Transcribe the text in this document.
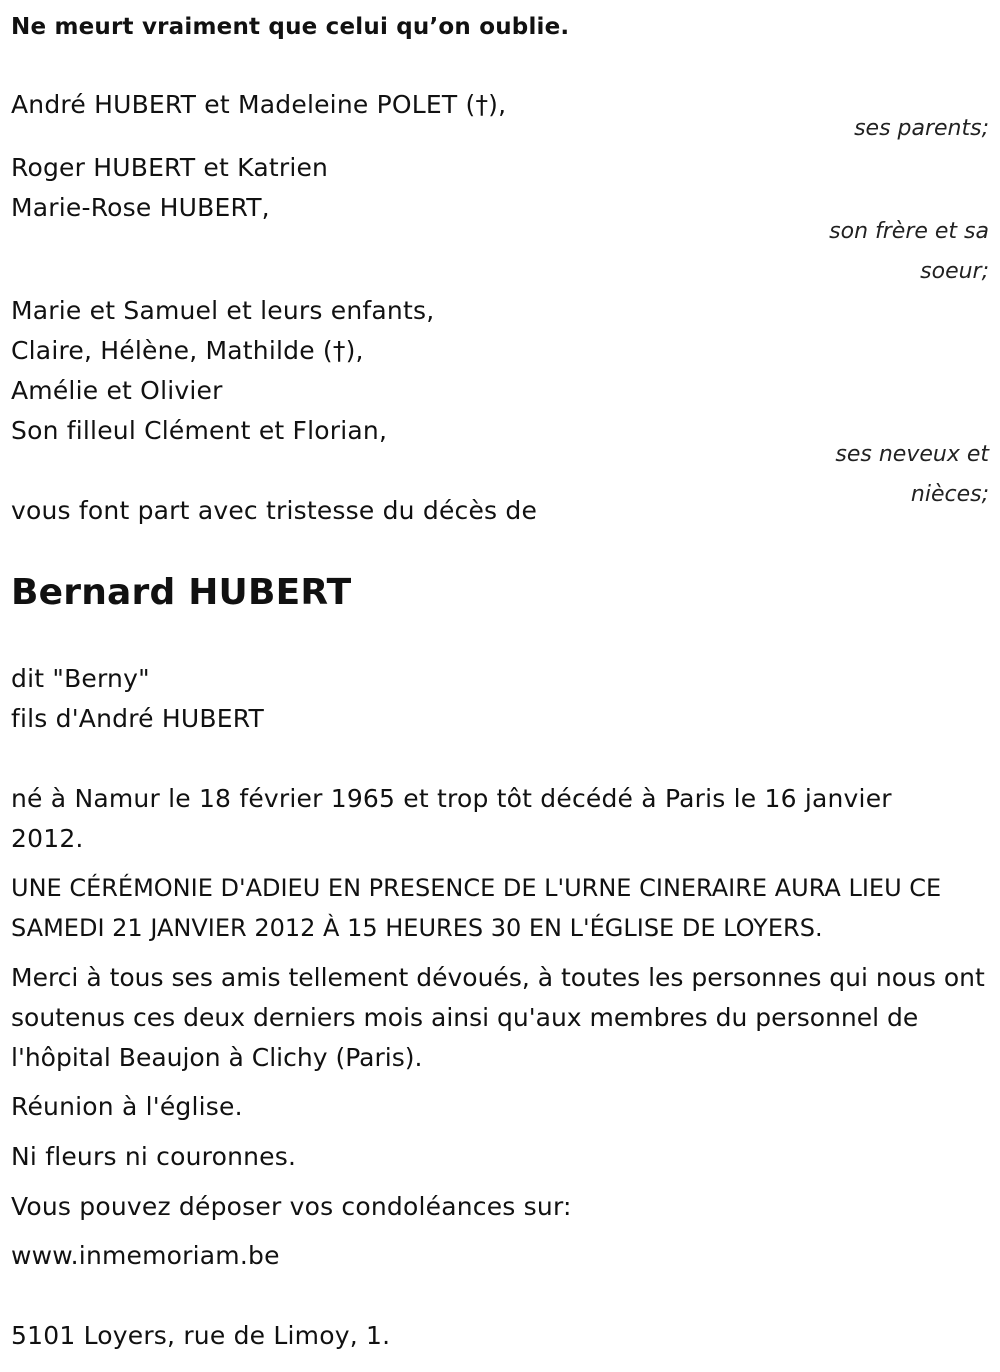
Ne meurt vraiment que celui qu’on oublie.
André HUBERT et Madeleine POLET (†),
ses parents;
Roger HUBERT et Katrien
Marie-Rose HUBERT,
son frère et sa
soeur;
Marie et Samuel et leurs enfants,
Claire, Hélène, Mathilde (†),
Amélie et Olivier
Son filleul Clément et Florian,
ses neveux et
nièces;
vous font part avec tristesse du décès de
Bernard HUBERT
dit "Berny"
fils d'André HUBERT
né à Namur le 18 février 1965 et trop tôt décédé à Paris le 16 janvier
2012.
UNE CÉRÉMONIE D'ADIEU EN PRESENCE DE L'URNE CINERAIRE AURA LIEU CE SAMEDI 21 JANVIER 2012 À 15 HEURES 30 EN L'ÉGLISE DE LOYERS.
Merci à tous ses amis tellement dévoués, à toutes les personnes qui nous ont soutenus ces deux derniers mois ainsi qu'aux membres du personnel de l'hôpital Beaujon à Clichy (Paris).
Réunion à l'église.
Ni fleurs ni couronnes.
Vous pouvez déposer vos condoléances sur:
www.inmemoriam.be
5101 Loyers, rue de Limoy, 1.
